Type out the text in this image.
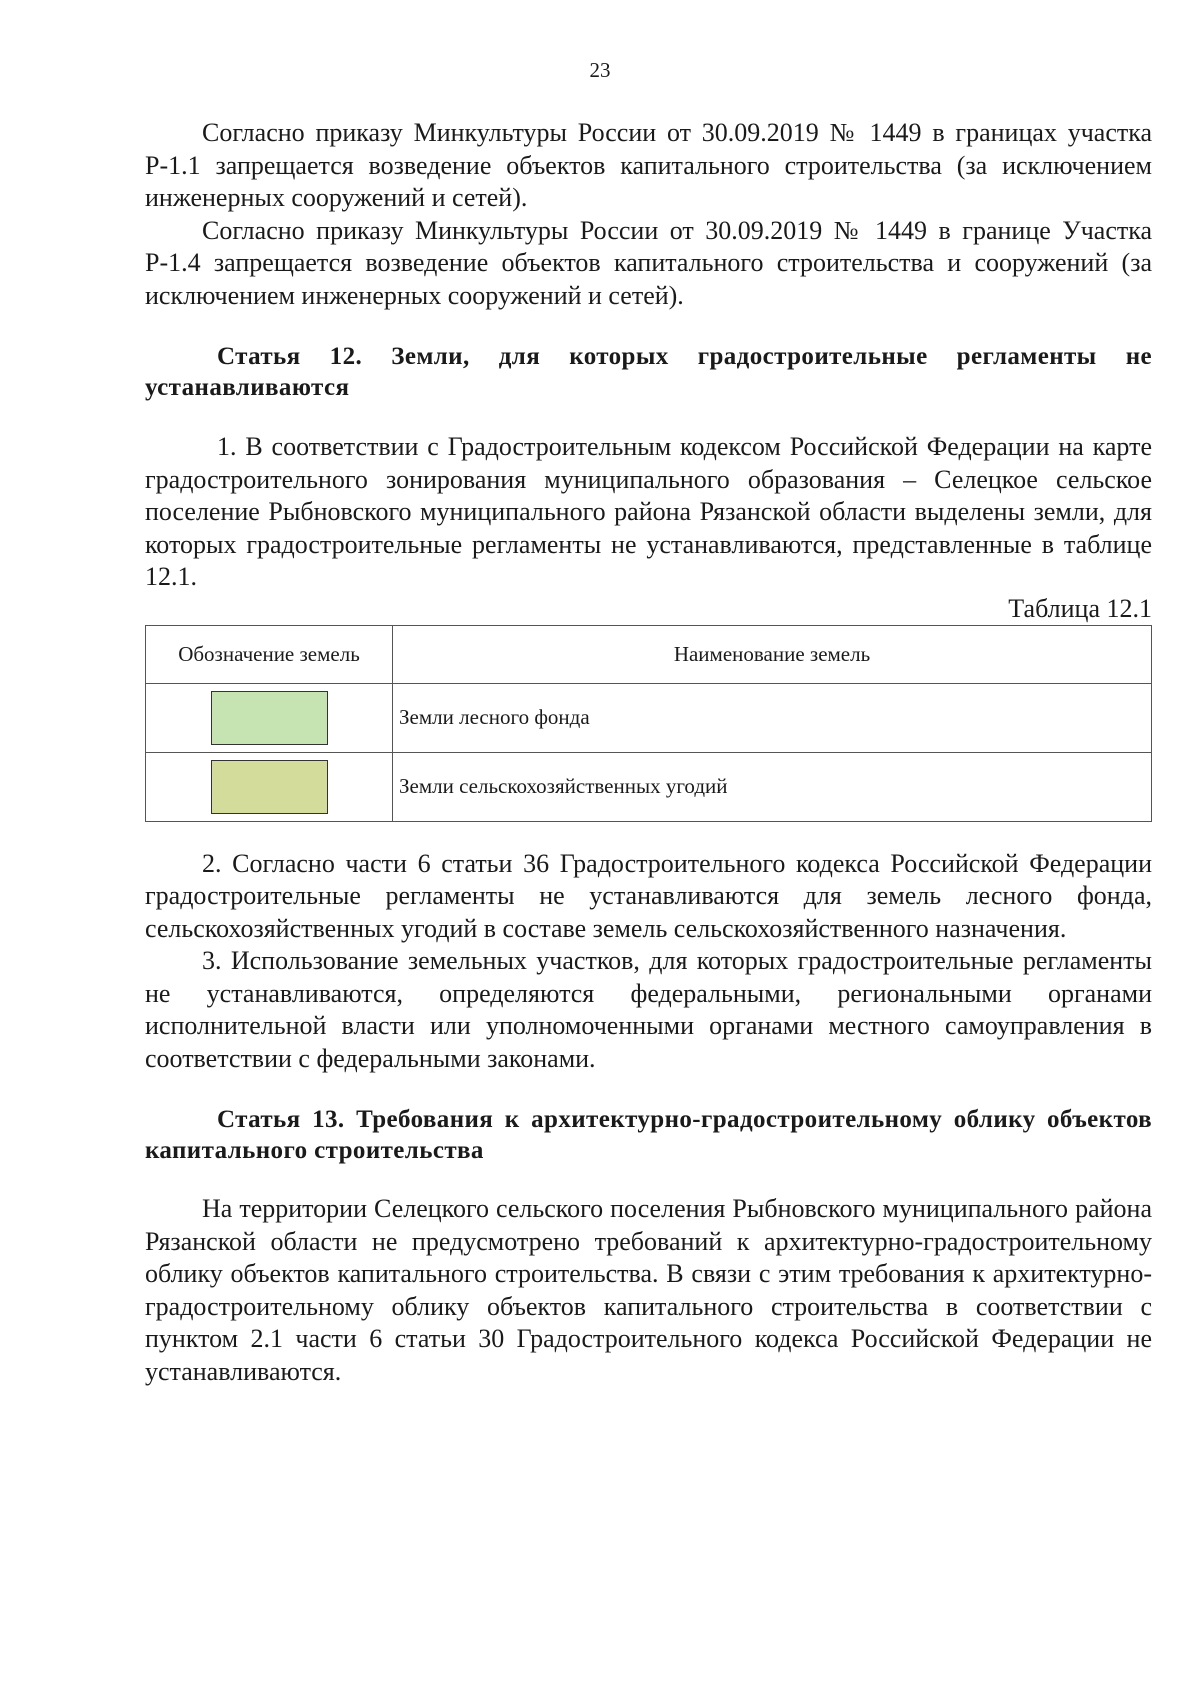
23

Согласно приказу Минкультуры России от 30.09.2019 № 1449 в границах участка Р-1.1 запрещается возведение объектов капитального строительства (за исключением инженерных сооружений и сетей).

Согласно приказу Минкультуры России от 30.09.2019 № 1449 в границе Участка Р-1.4 запрещается возведение объектов капитального строительства и сооружений (за исключением инженерных сооружений и сетей).

Статья 12. Земли, для которых градостроительные регламенты не устанавливаются

1. В соответствии с Градостроительным кодексом Российской Федерации на карте градостроительного зонирования муниципального образования – Селецкое сельское поселение Рыбновского муниципального района Рязанской области выделены земли, для которых градостроительные регламенты не устанавливаются, представленные в таблице 12.1.

Таблица 12.1
Обозначение земель	Наименование земель

	Земли лесного фонда

	Земли сельскохозяйственных угодий

2. Согласно части 6 статьи 36 Градостроительного кодекса Российской Федерации градостроительные регламенты не устанавливаются для земель лесного фонда, сельскохозяйственных угодий в составе земель сельскохозяйственного назначения.

3. Использование земельных участков, для которых градостроительные регламенты не устанавливаются, определяются федеральными, региональными органами исполнительной власти или уполномоченными органами местного самоуправления в соответствии с федеральными законами.

Статья 13. Требования к архитектурно-градостроительному облику объектов капитального строительства

На территории Селецкого сельского поселения Рыбновского муниципального района Рязанской области не предусмотрено требований к архитектурно-градостроительному облику объектов капитального строительства. В связи с этим требования к архитектурно-градостроительному облику объектов капитального строительства в соответствии с пунктом 2.1 части 6 статьи 30 Градостроительного кодекса Российской Федерации не устанавливаются.
